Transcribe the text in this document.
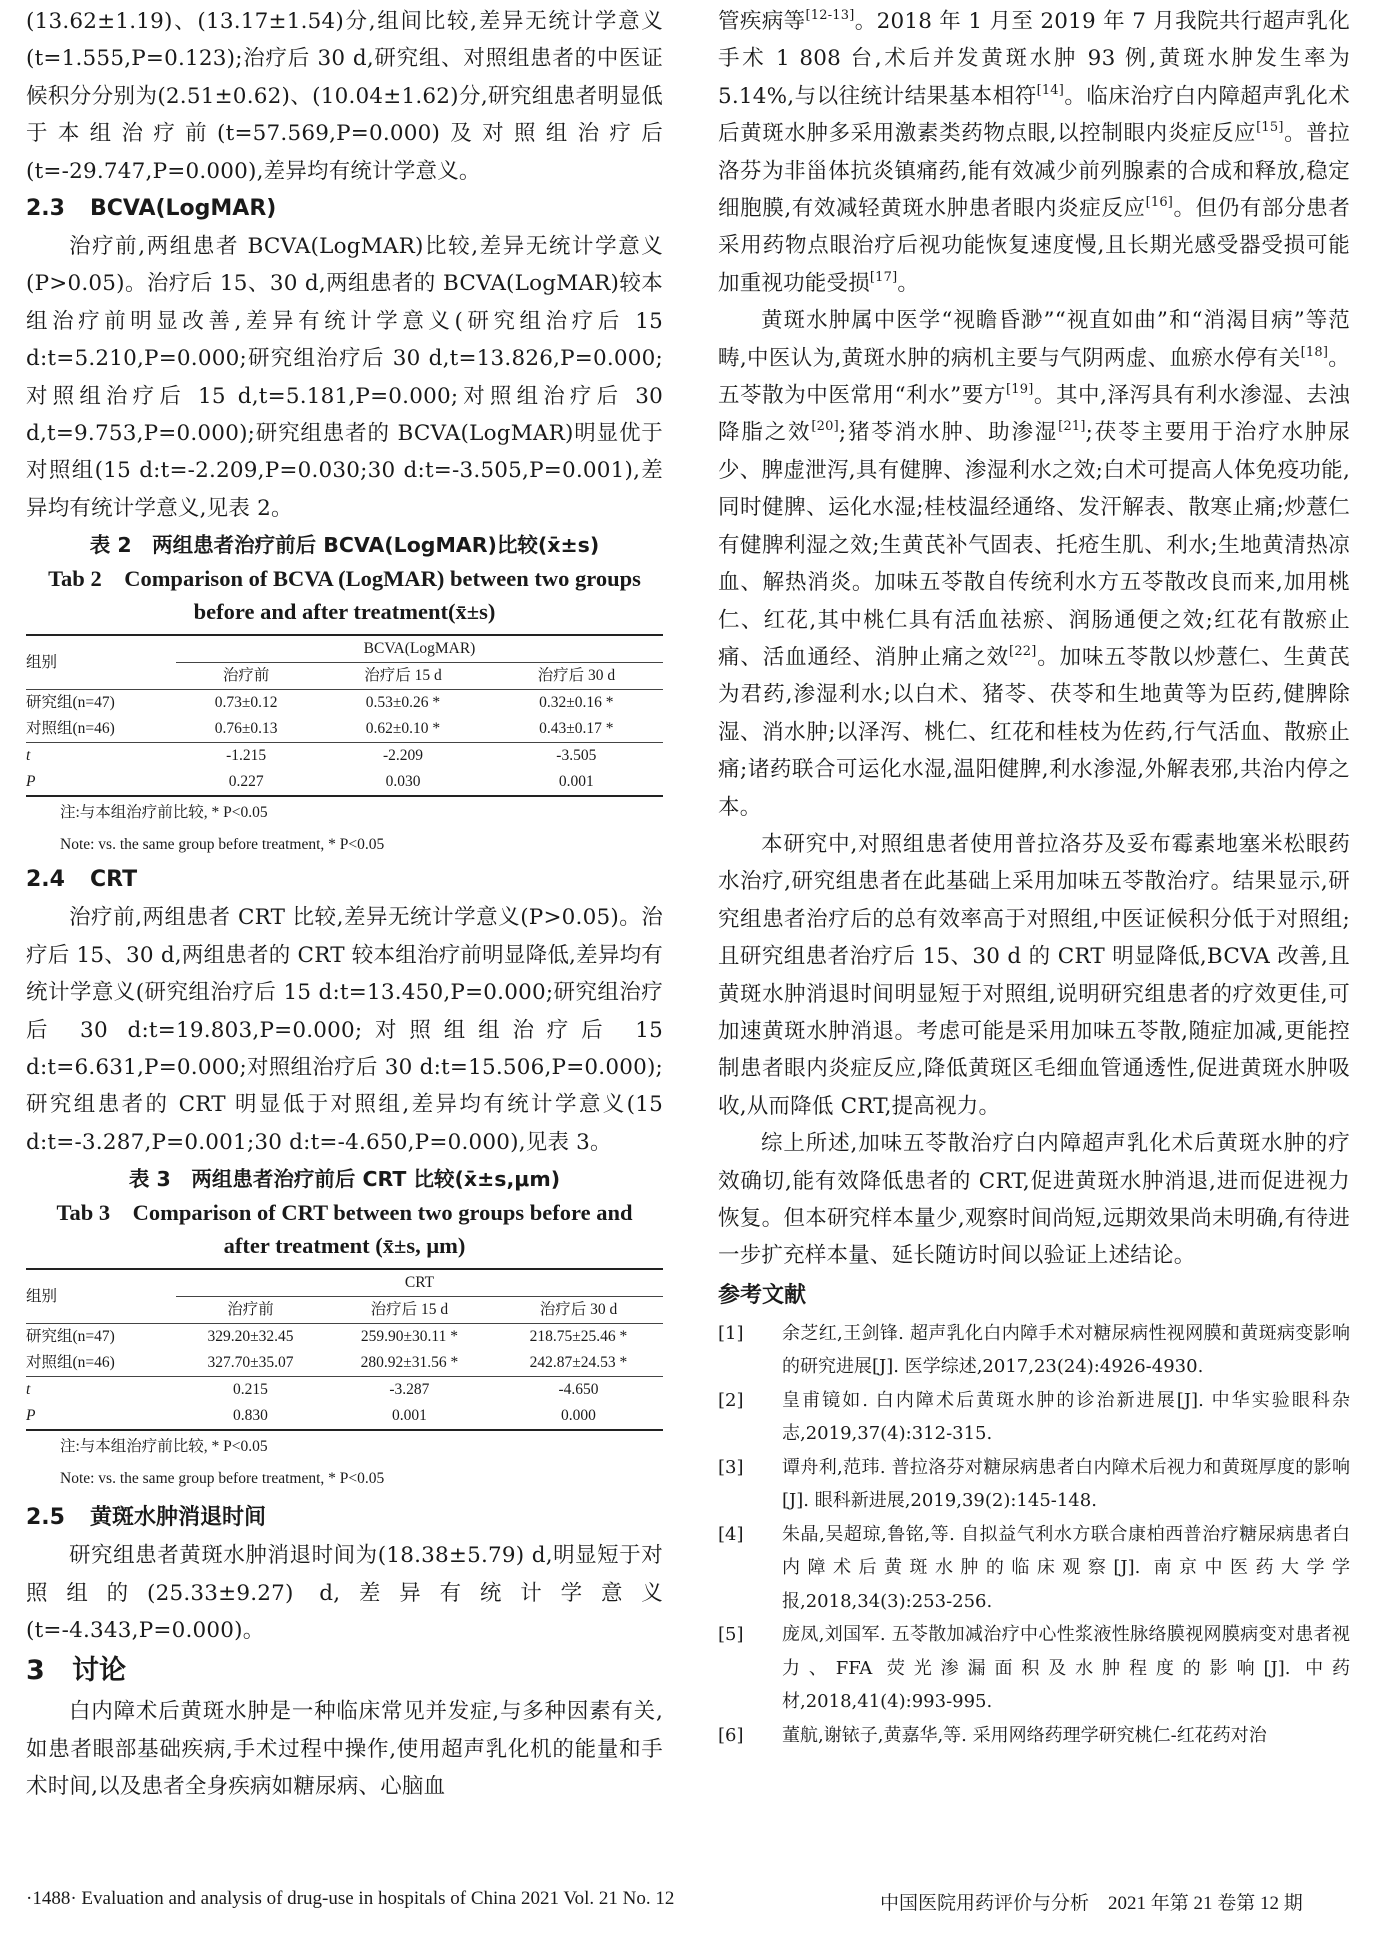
(13.62±1.19)、(13.17±1.54)分,组间比较,差异无统计学意义(t=1.555,P=0.123);治疗后 30 d,研究组、对照组患者的中医证候积分分别为(2.51±0.62)、(10.04±1.62)分,研究组患者明显低于本组治疗前(t=57.569,P=0.000)及对照组治疗后(t=-29.747,P=0.000),差异均有统计学意义。

2.3 BCVA(LogMAR)

治疗前,两组患者 BCVA(LogMAR)比较,差异无统计学意义(P>0.05)。治疗后 15、30 d,两组患者的 BCVA(LogMAR)较本组治疗前明显改善,差异有统计学意义(研究组治疗后 15 d:t=5.210,P=0.000;研究组治疗后 30 d,t=13.826,P=0.000;对照组治疗后 15 d,t=5.181,P=0.000;对照组治疗后 30 d,t=9.753,P=0.000);研究组患者的 BCVA(LogMAR)明显优于对照组(15 d:t=-2.209,P=0.030;30 d:t=-3.505,P=0.001),差异均有统计学意义,见表 2。

表 2　两组患者治疗前后 BCVA(LogMAR)比较(x̄±s)

Tab 2　Comparison of BCVA (LogMAR) between two groups before and after treatment(x̄±s)

组别	BCVA(LogMAR)		
	治疗前	治疗后 15 d	治疗后 30 d
研究组(n=47)	0.73±0.12	0.53±0.26 *	0.32±0.16 *
对照组(n=46)	0.76±0.13	0.62±0.10 *	0.43±0.17 *
t	-1.215	-2.209	-3.505
P	0.227	0.030	0.001

注:与本组治疗前比较, * P<0.05

Note: vs. the same group before treatment, * P<0.05

2.4 CRT

治疗前,两组患者 CRT 比较,差异无统计学意义(P>0.05)。治疗后 15、30 d,两组患者的 CRT 较本组治疗前明显降低,差异均有统计学意义(研究组治疗后 15 d:t=13.450,P=0.000;研究组治疗后 30 d:t=19.803,P=0.000;对照组组治疗后 15 d:t=6.631,P=0.000;对照组治疗后 30 d:t=15.506,P=0.000);研究组患者的 CRT 明显低于对照组,差异均有统计学意义(15 d:t=-3.287,P=0.001;30 d:t=-4.650,P=0.000),见表 3。

表 3　两组患者治疗前后 CRT 比较(x̄±s,μm)

Tab 3　Comparison of CRT between two groups before and after treatment (x̄±s, μm)

组别	CRT		
	治疗前	治疗后 15 d	治疗后 30 d
研究组(n=47)	329.20±32.45	259.90±30.11 *	218.75±25.46 *
对照组(n=46)	327.70±35.07	280.92±31.56 *	242.87±24.53 *
t	0.215	-3.287	-4.650
P	0.830	0.001	0.000

注:与本组治疗前比较, * P<0.05

Note: vs. the same group before treatment, * P<0.05

2.5 黄斑水肿消退时间

研究组患者黄斑水肿消退时间为(18.38±5.79) d,明显短于对照组的(25.33±9.27) d,差异有统计学意义(t=-4.343,P=0.000)。

3 讨论

白内障术后黄斑水肿是一种临床常见并发症,与多种因素有关,如患者眼部基础疾病,手术过程中操作,使用超声乳化机的能量和手术时间,以及患者全身疾病如糖尿病、心脑血

管疾病等[12-13]。2018 年 1 月至 2019 年 7 月我院共行超声乳化手术 1 808 台,术后并发黄斑水肿 93 例,黄斑水肿发生率为 5.14%,与以往统计结果基本相符[14]。临床治疗白内障超声乳化术后黄斑水肿多采用激素类药物点眼,以控制眼内炎症反应[15]。普拉洛芬为非甾体抗炎镇痛药,能有效减少前列腺素的合成和释放,稳定细胞膜,有效减轻黄斑水肿患者眼内炎症反应[16]。但仍有部分患者采用药物点眼治疗后视功能恢复速度慢,且长期光感受器受损可能加重视功能受损[17]。

黄斑水肿属中医学“视瞻昏渺”“视直如曲”和“消渴目病”等范畴,中医认为,黄斑水肿的病机主要与气阴两虚、血瘀水停有关[18]。五苓散为中医常用“利水”要方[19]。其中,泽泻具有利水渗湿、去浊降脂之效[20];猪苓消水肿、助渗湿[21];茯苓主要用于治疗水肿尿少、脾虚泄泻,具有健脾、渗湿利水之效;白术可提高人体免疫功能,同时健脾、运化水湿;桂枝温经通络、发汗解表、散寒止痛;炒薏仁有健脾利湿之效;生黄芪补气固表、托疮生肌、利水;生地黄清热凉血、解热消炎。加味五苓散自传统利水方五苓散改良而来,加用桃仁、红花,其中桃仁具有活血祛瘀、润肠通便之效;红花有散瘀止痛、活血通经、消肿止痛之效[22]。加味五苓散以炒薏仁、生黄芪为君药,渗湿利水;以白术、猪苓、茯苓和生地黄等为臣药,健脾除湿、消水肿;以泽泻、桃仁、红花和桂枝为佐药,行气活血、散瘀止痛;诸药联合可运化水湿,温阳健脾,利水渗湿,外解表邪,共治内停之本。

本研究中,对照组患者使用普拉洛芬及妥布霉素地塞米松眼药水治疗,研究组患者在此基础上采用加味五苓散治疗。结果显示,研究组患者治疗后的总有效率高于对照组,中医证候积分低于对照组;且研究组患者治疗后 15、30 d 的 CRT 明显降低,BCVA 改善,且黄斑水肿消退时间明显短于对照组,说明研究组患者的疗效更佳,可加速黄斑水肿消退。考虑可能是采用加味五苓散,随症加减,更能控制患者眼内炎症反应,降低黄斑区毛细血管通透性,促进黄斑水肿吸收,从而降低 CRT,提高视力。

综上所述,加味五苓散治疗白内障超声乳化术后黄斑水肿的疗效确切,能有效降低患者的 CRT,促进黄斑水肿消退,进而促进视力恢复。但本研究样本量少,观察时间尚短,远期效果尚未明确,有待进一步扩充样本量、延长随访时间以验证上述结论。

参考文献
[1]	余芝红,王剑锋. 超声乳化白内障手术对糖尿病性视网膜和黄斑病变影响的研究进展[J]. 医学综述,2017,23(24):4926-4930.
[2]	皇甫镜如. 白内障术后黄斑水肿的诊治新进展[J]. 中华实验眼科杂志,2019,37(4):312-315.
[3]	谭舟利,范玮. 普拉洛芬对糖尿病患者白内障术后视力和黄斑厚度的影响[J]. 眼科新进展,2019,39(2):145-148.
[4]	朱晶,吴超琼,鲁铭,等. 自拟益气利水方联合康柏西普治疗糖尿病患者白内障术后黄斑水肿的临床观察[J]. 南京中医药大学学报,2018,34(3):253-256.
[5]	庞凤,刘国军. 五苓散加减治疗中心性浆液性脉络膜视网膜病变对患者视力、FFA 荧光渗漏面积及水肿程度的影响[J]. 中药材,2018,41(4):993-995.
[6]	董航,谢铱子,黄嘉华,等. 采用网络药理学研究桃仁-红花药对治
·1488· Evaluation and analysis of drug-use in hospitals of China 2021 Vol. 21 No. 12	中国医院用药评价与分析　2021 年第 21 卷第 12 期
